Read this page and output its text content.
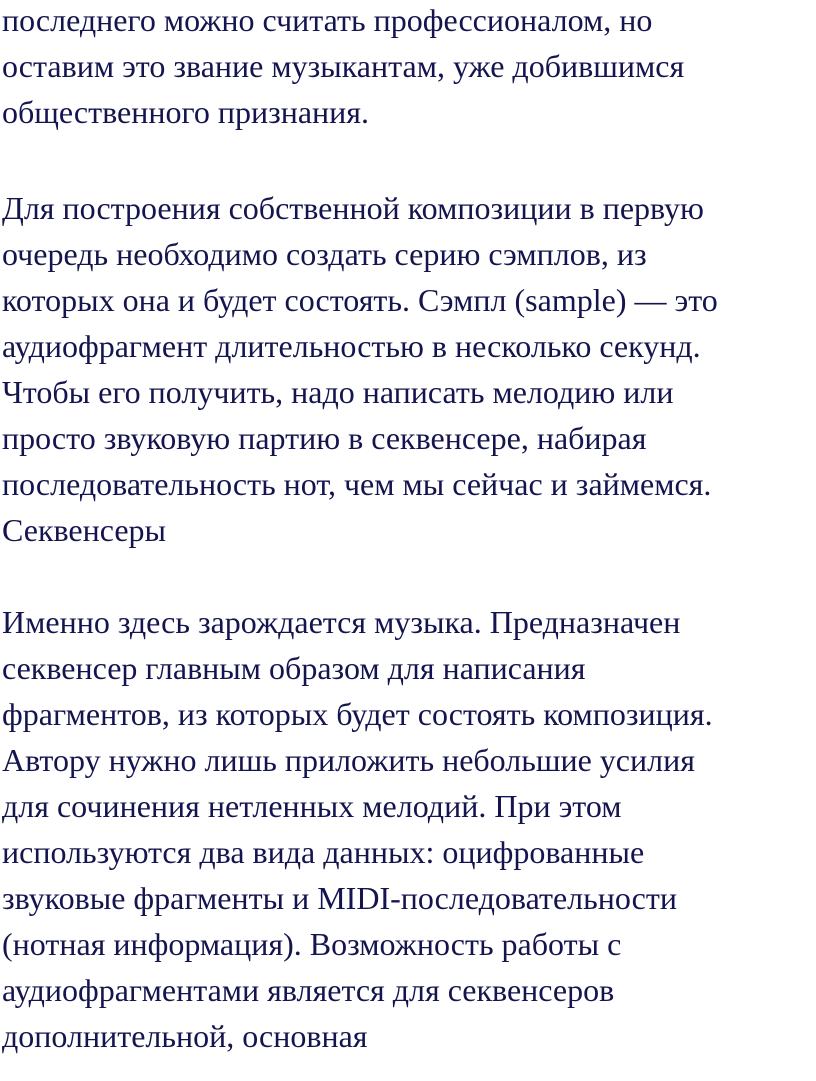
последнего можно считать профессионалом, но

оставим это звание музыкантам, уже добившимся

общественного признания.

Для построения собственной композиции в первую

очередь необходимо создать серию сэмплов, из

которых она и будет состоять. Сэмпл (sample) — это

аудиофрагмент длительностью в несколько секунд.

Чтобы его получить, надо написать мелодию или

просто звуковую партию в секвенсере, набирая

последовательность нот, чем мы сейчас и займемся.

Секвенсеры

Именно здесь зарождается музыка. Предназначен

секвенсер главным образом для написания

фрагментов, из которых будет состоять композиция.

Автору нужно лишь приложить небольшие усилия

для сочинения нетленных мелодий. При этом

используются два вида данных: оцифрованные

звуковые фрагменты и MIDI-последовательности

(нотная информация). Возможность работы с

аудиофрагментами является для секвенсеров

дополнительной, основная
